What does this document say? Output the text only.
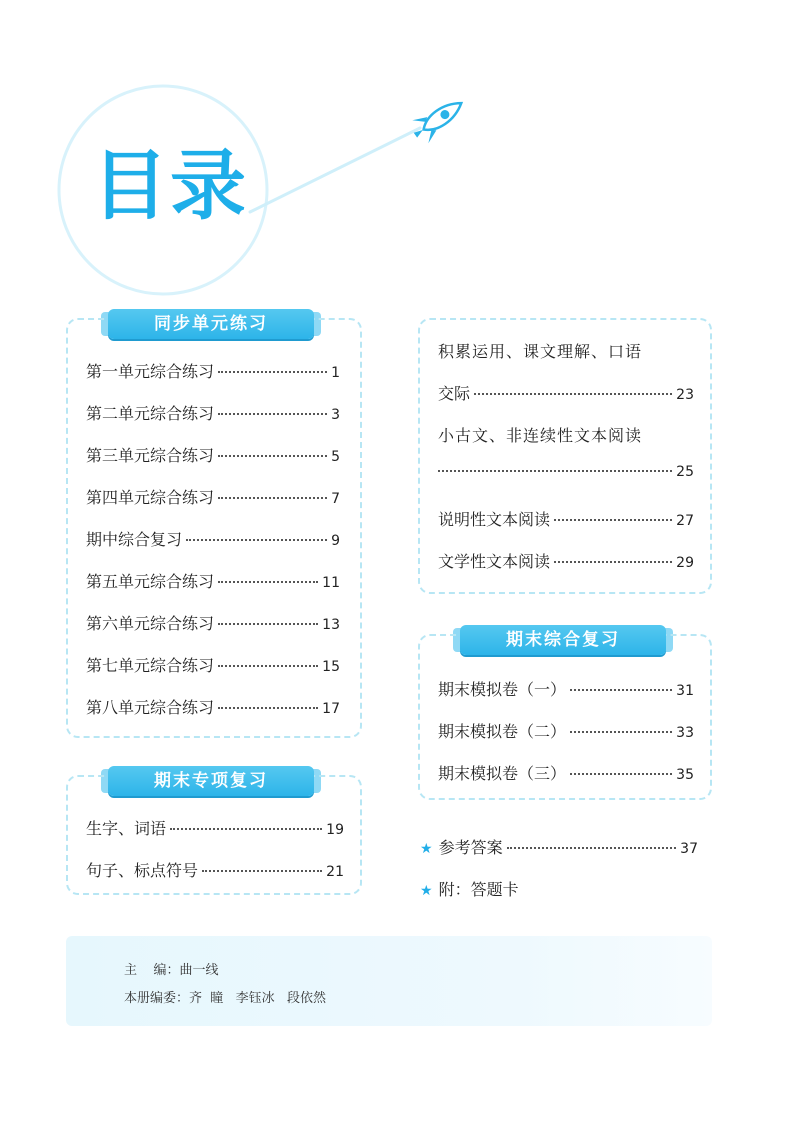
目录
同步单元练习
第一单元综合练习	1
第二单元综合练习	3
第三单元综合练习	5
第四单元综合练习	7
期中综合复习	9
第五单元综合练习	11
第六单元综合练习	13
第七单元综合练习	15
第八单元综合练习	17
期末专项复习
生字、词语	19
句子、标点符号	21
积累运用、课文理解、口语
交际	23
小古文、非连续性文本阅读
25
说明性文本阅读	27
文学性文本阅读	29
期末综合复习
期末模拟卷（一）	31
期末模拟卷（二）	33
期末模拟卷（三）	35
★ 参考答案	37
★ 附：答题卡
主    编：曲一线
本册编委：齐  瞳   李钰冰   段依然
